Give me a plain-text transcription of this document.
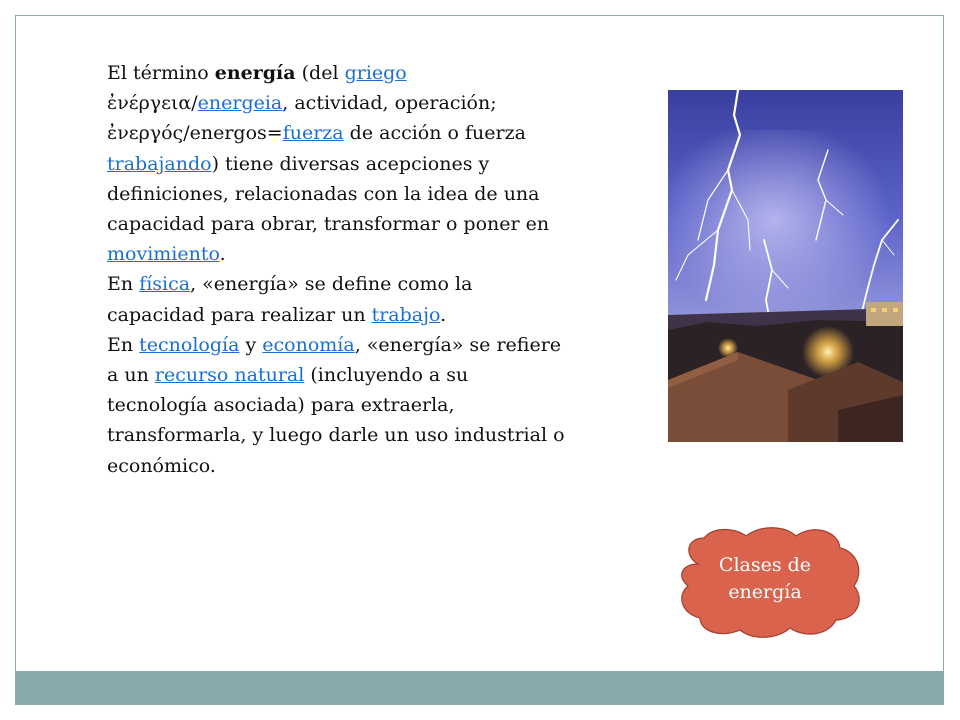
El término energía (del griego ἐνέργεια/energeia, actividad, operación; ἐνεργός/energos=fuerza de acción o fuerza trabajando) tiene diversas acepciones y definiciones, relacionadas con la idea de una capacidad para obrar, transformar o poner en movimiento.

En física, «energía» se define como la capacidad para realizar un trabajo.

En tecnología y economía, «energía» se refiere a un recurso natural (incluyendo a su tecnología asociada) para extraerla, transformarla, y luego darle un uso industrial o económico.

Clases de
energía
